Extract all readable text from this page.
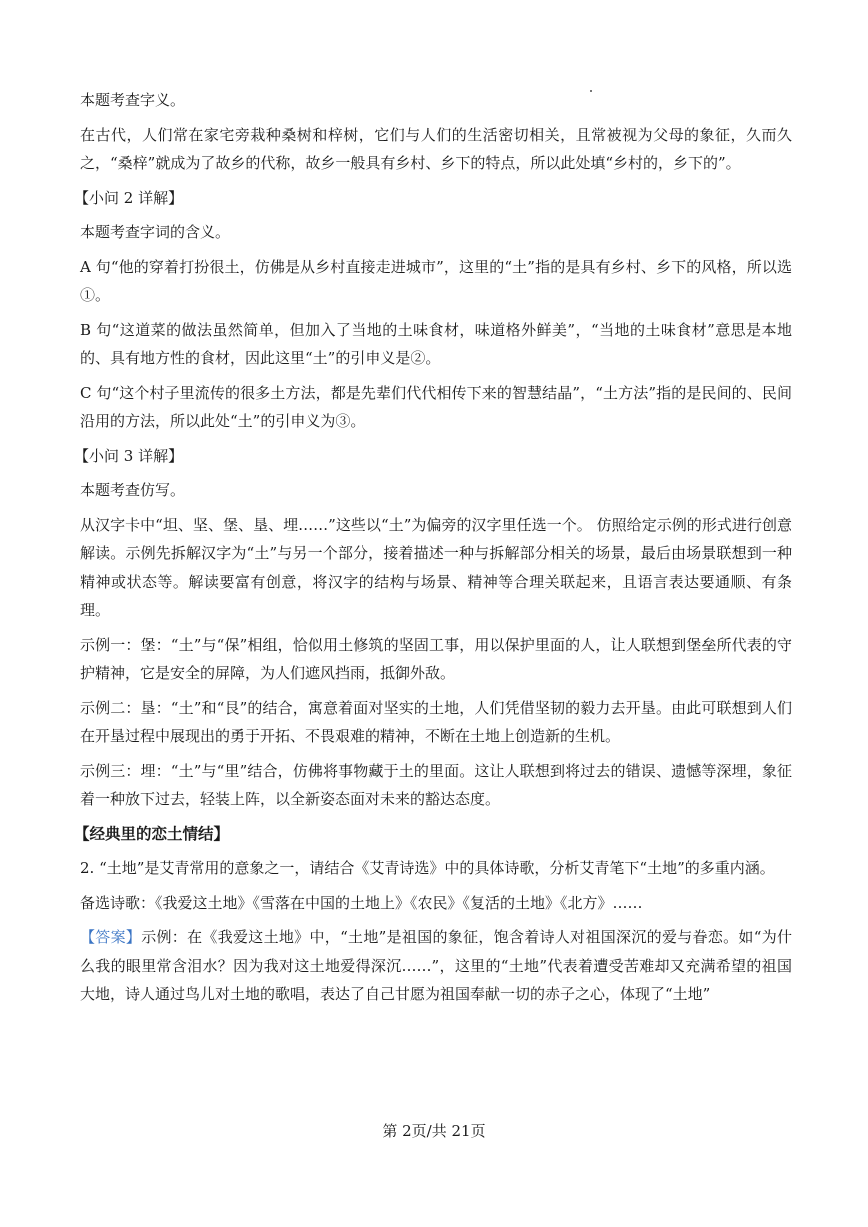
本题考查字义。

在古代，人们常在家宅旁栽种桑树和梓树，它们与人们的生活密切相关，且常被视为父母的象征，久而久之，“桑梓”就成为了故乡的代称，故乡一般具有乡村、乡下的特点，所以此处填“乡村的，乡下的”。

【小问 2 详解】

本题考查字词的含义。

A 句“他的穿着打扮很土，仿佛是从乡村直接走进城市”，这里的“土”指的是具有乡村、乡下的风格，所以选①。

B 句“这道菜的做法虽然简单，但加入了当地的土味食材，味道格外鲜美”，“当地的土味食材”意思是本地的、具有地方性的食材，因此这里“土”的引申义是②。

C 句“这个村子里流传的很多土方法，都是先辈们代代相传下来的智慧结晶”，“土方法”指的是民间的、民间沿用的方法，所以此处“土”的引申义为③。

【小问 3 详解】

本题考查仿写。

从汉字卡中“坦、坚、堡、垦、埋……”这些以“土”为偏旁的汉字里任选一个。 仿照给定示例的形式进行创意解读。示例先拆解汉字为“土”与另一个部分，接着描述一种与拆解部分相关的场景，最后由场景联想到一种精神或状态等。解读要富有创意，将汉字的结构与场景、精神等合理关联起来，且语言表达要通顺、有条理。

示例一：堡：“土”与“保”相组，恰似用土修筑的坚固工事，用以保护里面的人，让人联想到堡垒所代表的守护精神，它是安全的屏障，为人们遮风挡雨，抵御外敌。

示例二：垦：“土”和“艮”的结合，寓意着面对坚实的土地，人们凭借坚韧的毅力去开垦。由此可联想到人们在开垦过程中展现出的勇于开拓、不畏艰难的精神，不断在土地上创造新的生机。

示例三：埋：“土”与“里”结合，仿佛将事物藏于土的里面。这让人联想到将过去的错误、遗憾等深埋，象征着一种放下过去，轻装上阵，以全新姿态面对未来的豁达态度。

【经典里的恋土情结】

2. “土地”是艾青常用的意象之一，请结合《艾青诗选》中的具体诗歌，分析艾青笔下“土地”的多重内涵。

备选诗歌：《我爱这土地》《雪落在中国的土地上》《农民》《复活的土地》《北方》……

【答案】示例：在《我爱这土地》中，“土地”是祖国的象征，饱含着诗人对祖国深沉的爱与眷恋。如“为什么我的眼里常含泪水？因为我对这土地爱得深沉……”，这里的“土地”代表着遭受苦难却又充满希望的祖国大地，诗人通过鸟儿对土地的歌唱，表达了自己甘愿为祖国奉献一切的赤子之心，体现了“土地”

第 2页/共 21页
